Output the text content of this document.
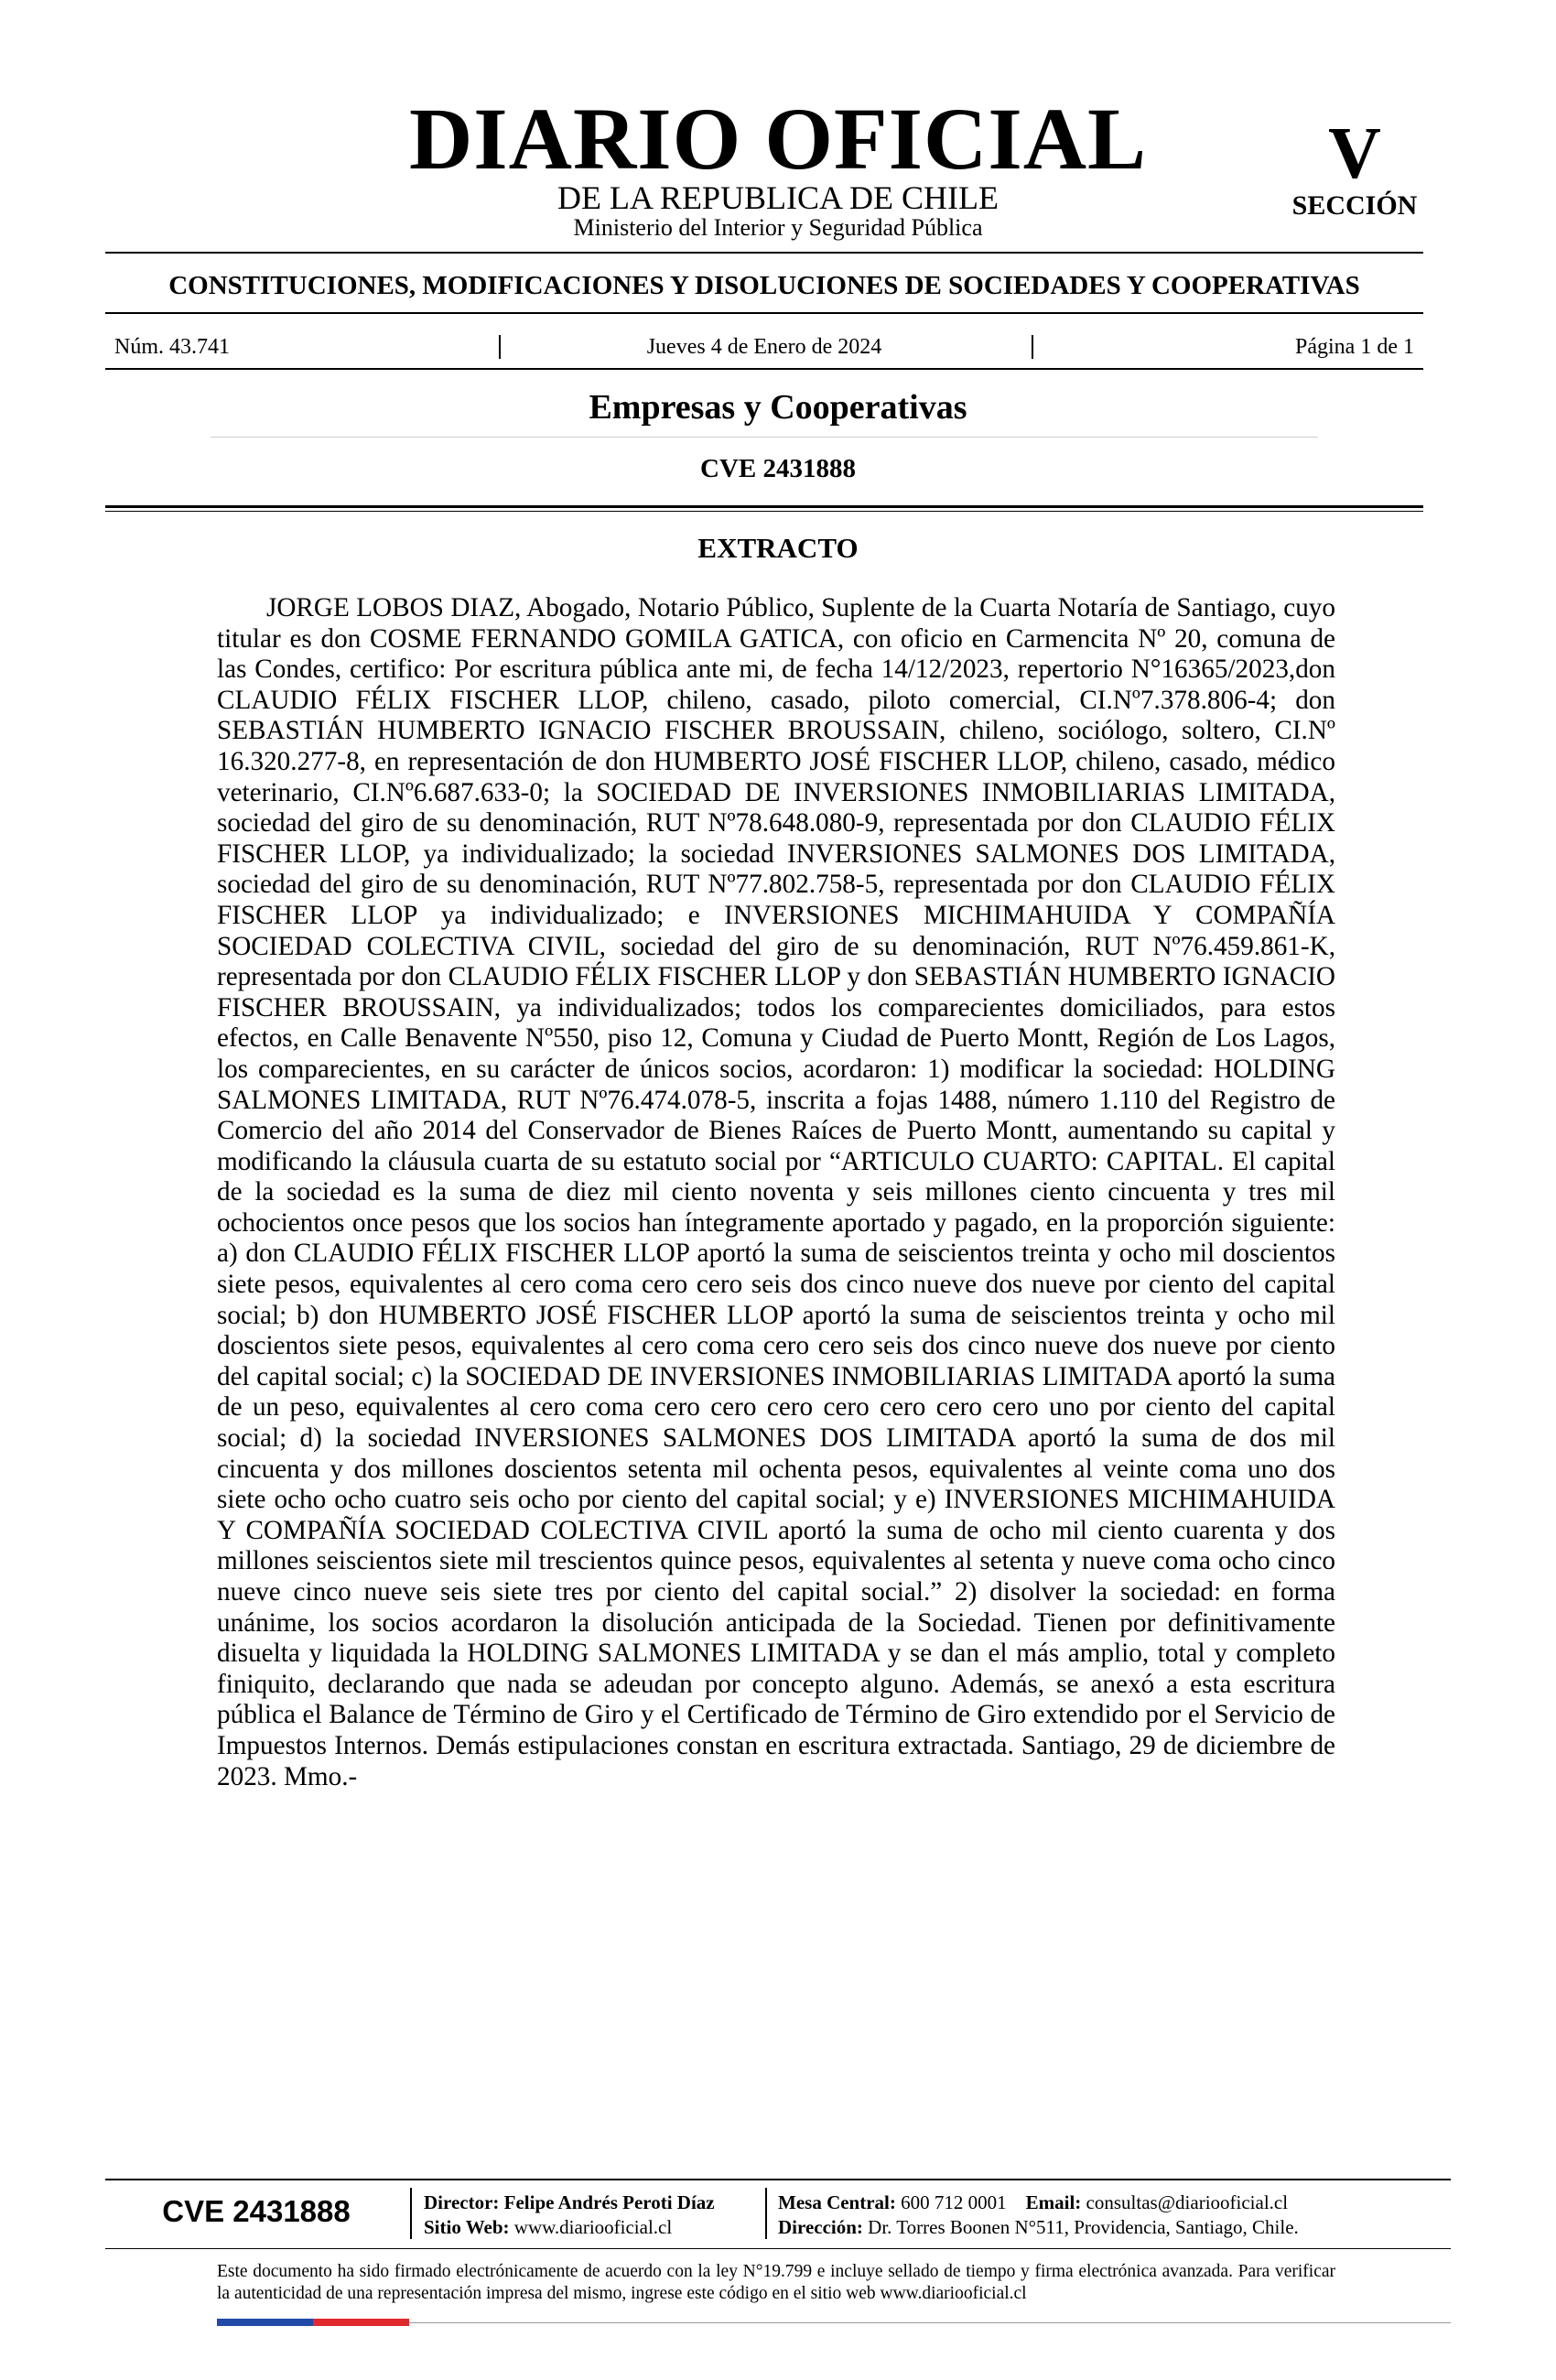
DIARIO OFICIAL
DE LA REPUBLICA DE CHILE
Ministerio del Interior y Seguridad Pública
V
SECCIÓN
CONSTITUCIONES, MODIFICACIONES Y DISOLUCIONES DE SOCIEDADES Y COOPERATIVAS
Núm. 43.741	Jueves 4 de Enero de 2024	Página 1 de 1
Empresas y Cooperativas
CVE 2431888
EXTRACTO

JORGE LOBOS DIAZ, Abogado, Notario Público, Suplente de la Cuarta Notaría de Santiago, cuyo titular es don COSME FERNANDO GOMILA GATICA, con oficio en Carmencita Nº 20, comuna de las Condes, certifico: Por escritura pública ante mi, de fecha 14/12/2023, repertorio N°16365/2023,don CLAUDIO FÉLIX FISCHER LLOP, chileno, casado, piloto comercial, CI.Nº7.378.806-4; don SEBASTIÁN HUMBERTO IGNACIO FISCHER BROUSSAIN, chileno, sociólogo, soltero, CI.Nº 16.320.277-8, en representación de don HUMBERTO JOSÉ FISCHER LLOP, chileno, casado, médico veterinario, CI.Nº6.687.633-0; la SOCIEDAD DE INVERSIONES INMOBILIARIAS LIMITADA, sociedad del giro de su denominación, RUT Nº78.648.080-9, representada por don CLAUDIO FÉLIX FISCHER LLOP, ya individualizado; la sociedad INVERSIONES SALMONES DOS LIMITADA, sociedad del giro de su denominación, RUT Nº77.802.758-5, representada por don CLAUDIO FÉLIX FISCHER LLOP ya individualizado; e INVERSIONES MICHIMAHUIDA Y COMPAÑÍA SOCIEDAD COLECTIVA CIVIL, sociedad del giro de su denominación, RUT Nº76.459.861-K, representada por don CLAUDIO FÉLIX FISCHER LLOP y don SEBASTIÁN HUMBERTO IGNACIO FISCHER BROUSSAIN, ya individualizados; todos los comparecientes domiciliados, para estos efectos, en Calle Benavente Nº550, piso 12, Comuna y Ciudad de Puerto Montt, Región de Los Lagos, los comparecientes, en su carácter de únicos socios, acordaron: 1) modificar la sociedad: HOLDING SALMONES LIMITADA, RUT Nº76.474.078-5, inscrita a fojas 1488, número 1.110 del Registro de Comercio del año 2014 del Conservador de Bienes Raíces de Puerto Montt, aumentando su capital y modificando la cláusula cuarta de su estatuto social por “ARTICULO CUARTO: CAPITAL. El capital de la sociedad es la suma de diez mil ciento noventa y seis millones ciento cincuenta y tres mil ochocientos once pesos que los socios han íntegramente aportado y pagado, en la proporción siguiente: a) don CLAUDIO FÉLIX FISCHER LLOP aportó la suma de seiscientos treinta y ocho mil doscientos siete pesos, equivalentes al cero coma cero cero seis dos cinco nueve dos nueve por ciento del capital social; b) don HUMBERTO JOSÉ FISCHER LLOP aportó la suma de seiscientos treinta y ocho mil doscientos siete pesos, equivalentes al cero coma cero cero seis dos cinco nueve dos nueve por ciento del capital social; c) la SOCIEDAD DE INVERSIONES INMOBILIARIAS LIMITADA aportó la suma de un peso, equivalentes al cero coma cero cero cero cero cero cero cero uno por ciento del capital social; d) la sociedad INVERSIONES SALMONES DOS LIMITADA aportó la suma de dos mil cincuenta y dos millones doscientos setenta mil ochenta pesos, equivalentes al veinte coma uno dos siete ocho ocho cuatro seis ocho por ciento del capital social; y e) INVERSIONES MICHIMAHUIDA Y COMPAÑÍA SOCIEDAD COLECTIVA CIVIL aportó la suma de ocho mil ciento cuarenta y dos millones seiscientos siete mil trescientos quince pesos, equivalentes al setenta y nueve coma ocho cinco nueve cinco nueve seis siete tres por ciento del capital social.” 2) disolver la sociedad: en forma unánime, los socios acordaron la disolución anticipada de la Sociedad. Tienen por definitivamente disuelta y liquidada la HOLDING SALMONES LIMITADA y se dan el más amplio, total y completo finiquito, declarando que nada se adeudan por concepto alguno. Además, se anexó a esta escritura pública el Balance de Término de Giro y el Certificado de Término de Giro extendido por el Servicio de Impuestos Internos. Demás estipulaciones constan en escritura extractada. Santiago, 29 de diciembre de 2023. Mmo.-

CVE 2431888	Director: Felipe Andrés Peroti Díaz
Sitio Web: www.diariooficial.cl
Mesa Central: 600 712 0001 Email: consultas@diariooficial.cl
Dirección: Dr. Torres Boonen N°511, Providencia, Santiago, Chile.
Este documento ha sido firmado electrónicamente de acuerdo con la ley N°19.799 e incluye sellado de tiempo y firma electrónica avanzada. Para verificar la autenticidad de una representación impresa del mismo, ingrese este código en el sitio web www.diariooficial.cl
